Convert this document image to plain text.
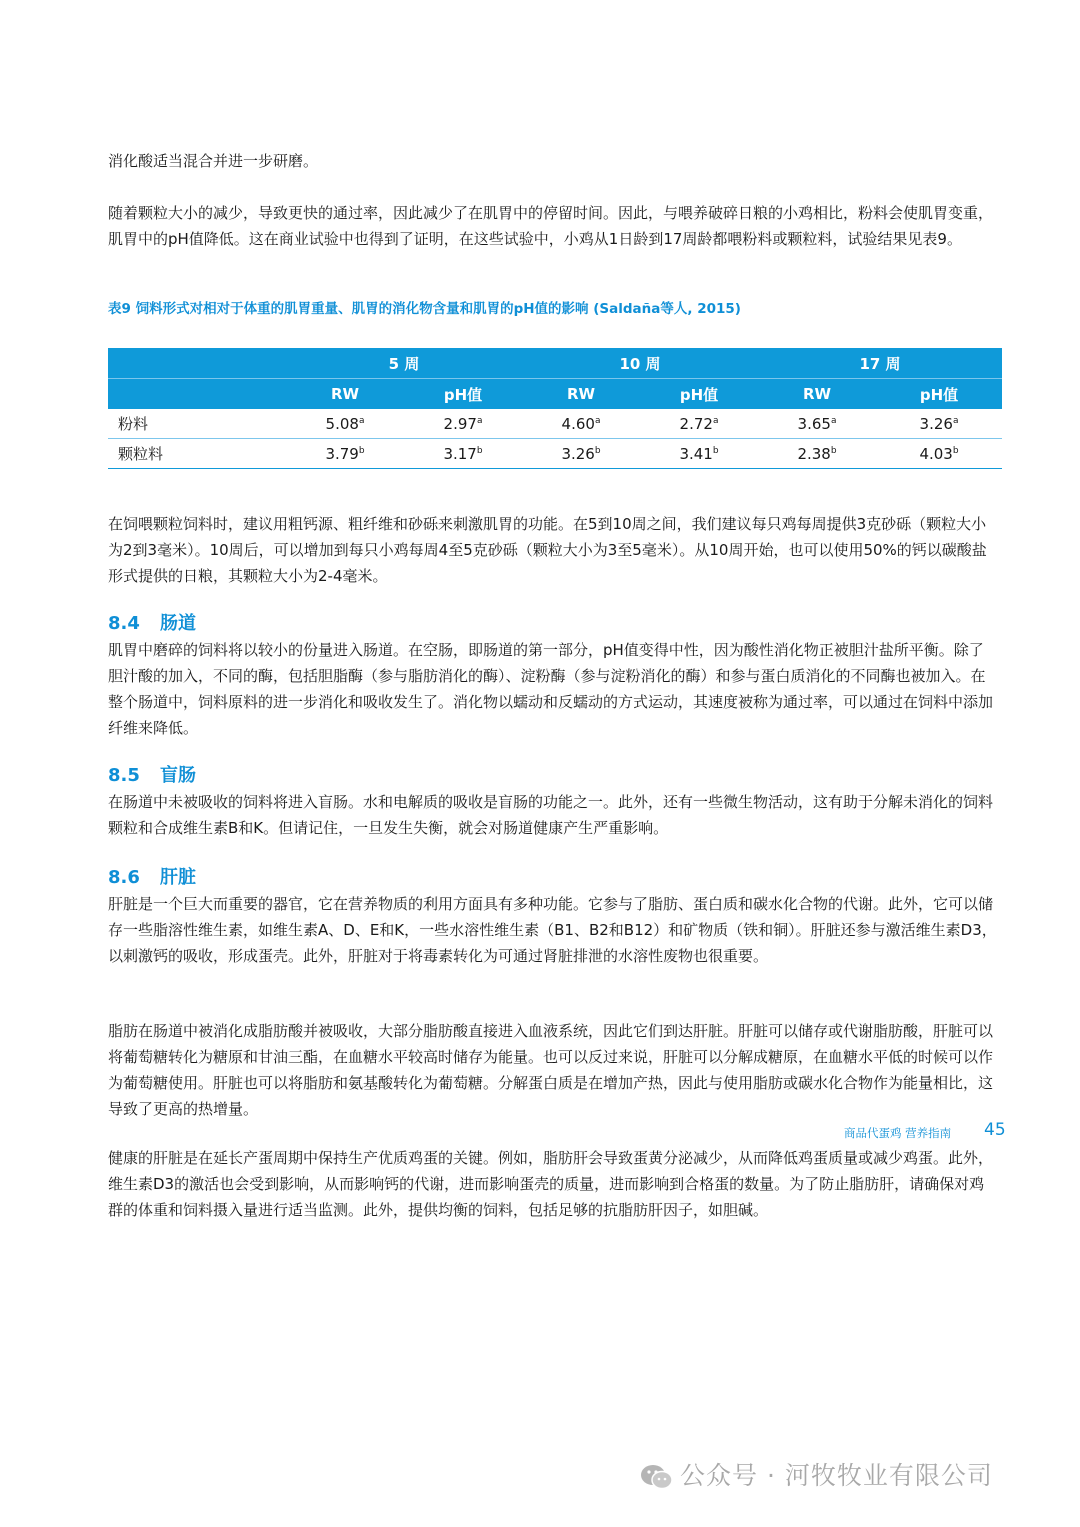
消化酸适当混合并进一步研磨。

随着颗粒大小的减少，导致更快的通过率，因此减少了在肌胃中的停留时间。因此，与喂养破碎日粮的小鸡相比，粉料会使肌胃变重，肌胃中的pH值降低。这在商业试验中也得到了证明，在这些试验中，小鸡从1日龄到17周龄都喂粉料或颗粒料，试验结果见表9。

表9 饲料形式对相对于体重的肌胃重量、肌胃的消化物含量和肌胃的pH值的影响 (Saldaña等人, 2015)
	5 周		10 周		17 周	
	RW	pH值	RW	pH值	RW	pH值
粉料	5.08$^a$	2.97$^a$	4.60$^a$	2.72$^a$	3.65$^a$	3.26$^a$
颗粒料	3.79$^b$	3.17$^b$	3.26$^b$	3.41$^b$	2.38$^b$	4.03$^b$

在饲喂颗粒饲料时，建议用粗钙源、粗纤维和砂砾来刺激肌胃的功能。在5到10周之间，我们建议每只鸡每周提供3克砂砾（颗粒大小为2到3毫米）。10周后，可以增加到每只小鸡每周4至5克砂砾（颗粒大小为3至5毫米）。从10周开始，也可以使用50%的钙以碳酸盐形式提供的日粮，其颗粒大小为2-4毫米。

8.4 肠道

肌胃中磨碎的饲料将以较小的份量进入肠道。在空肠，即肠道的第一部分，pH值变得中性，因为酸性消化物正被胆汁盐所平衡。除了胆汁酸的加入，不同的酶，包括胆脂酶（参与脂肪消化的酶）、淀粉酶（参与淀粉消化的酶）和参与蛋白质消化的不同酶也被加入。在整个肠道中，饲料原料的进一步消化和吸收发生了。消化物以蠕动和反蠕动的方式运动，其速度被称为通过率，可以通过在饲料中添加纤维来降低。

8.5 盲肠

在肠道中未被吸收的饲料将进入盲肠。水和电解质的吸收是盲肠的功能之一。此外，还有一些微生物活动，这有助于分解未消化的饲料颗粒和合成维生素B和K。但请记住，一旦发生失衡，就会对肠道健康产生严重影响。

8.6 肝脏

肝脏是一个巨大而重要的器官，它在营养物质的利用方面具有多种功能。它参与了脂肪、蛋白质和碳水化合物的代谢。此外，它可以储存一些脂溶性维生素，如维生素A、D、E和K，一些水溶性维生素（B1、B2和B12）和矿物质（铁和铜）。肝脏还参与激活维生素D3，以刺激钙的吸收，形成蛋壳。此外，肝脏对于将毒素转化为可通过肾脏排泄的水溶性废物也很重要。

脂肪在肠道中被消化成脂肪酸并被吸收，大部分脂肪酸直接进入血液系统，因此它们到达肝脏。肝脏可以储存或代谢脂肪酸，肝脏可以将葡萄糖转化为糖原和甘油三酯，在血糖水平较高时储存为能量。也可以反过来说，肝脏可以分解成糖原，在血糖水平低的时候可以作为葡萄糖使用。肝脏也可以将脂肪和氨基酸转化为葡萄糖。分解蛋白质是在增加产热，因此与使用脂肪或碳水化合物作为能量相比，这导致了更高的热增量。

健康的肝脏是在延长产蛋周期中保持生产优质鸡蛋的关键。例如，脂肪肝会导致蛋黄分泌减少，从而降低鸡蛋质量或减少鸡蛋。此外，维生素D3的激活也会受到影响，从而影响钙的代谢，进而影响蛋壳的质量，进而影响到合格蛋的数量。为了防止脂肪肝，请确保对鸡群的体重和饲料摄入量进行适当监测。此外，提供均衡的饲料，包括足够的抗脂肪肝因子，如胆碱。

商品代蛋鸡 营养指南 45
公众号 · 河牧牧业有限公司
